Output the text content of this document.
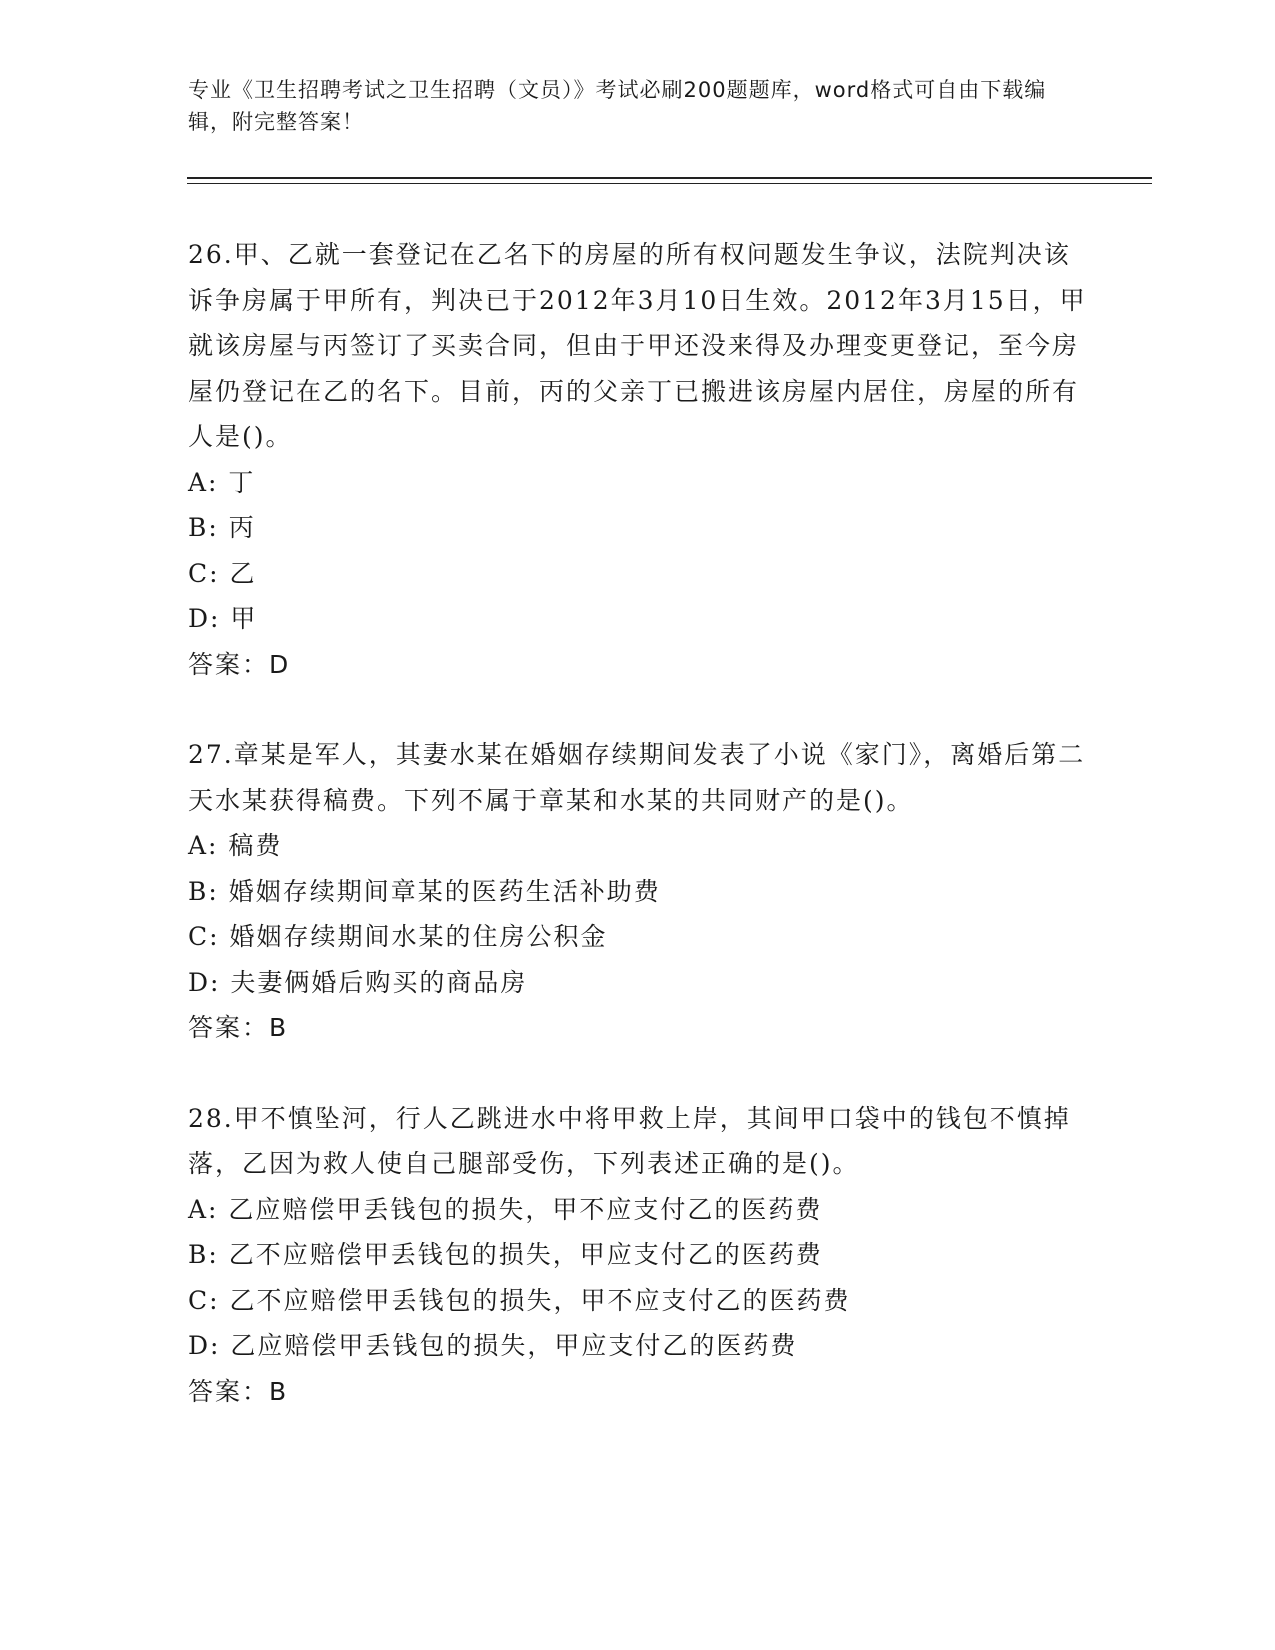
专业《卫生招聘考试之卫生招聘（文员）》考试必刷200题题库，word格式可自由下载编辑，附完整答案！

26.甲、乙就一套登记在乙名下的房屋的所有权问题发生争议，法院判决该诉争房属于甲所有，判决已于2012年3月10日生效。2012年3月15日，甲就该房屋与丙签订了买卖合同，但由于甲还没来得及办理变更登记，至今房屋仍登记在乙的名下。目前，丙的父亲丁已搬进该房屋内居住，房屋的所有人是()。

A: 丁

B: 丙

C: 乙

D: 甲

答案：D

27.章某是军人，其妻水某在婚姻存续期间发表了小说《家门》，离婚后第二天水某获得稿费。下列不属于章某和水某的共同财产的是()。

A: 稿费

B: 婚姻存续期间章某的医药生活补助费

C: 婚姻存续期间水某的住房公积金

D: 夫妻俩婚后购买的商品房

答案：B

28.甲不慎坠河，行人乙跳进水中将甲救上岸，其间甲口袋中的钱包不慎掉落，乙因为救人使自己腿部受伤，下列表述正确的是()。

A: 乙应赔偿甲丢钱包的损失，甲不应支付乙的医药费

B: 乙不应赔偿甲丢钱包的损失，甲应支付乙的医药费

C: 乙不应赔偿甲丢钱包的损失，甲不应支付乙的医药费

D: 乙应赔偿甲丢钱包的损失，甲应支付乙的医药费

答案：B
